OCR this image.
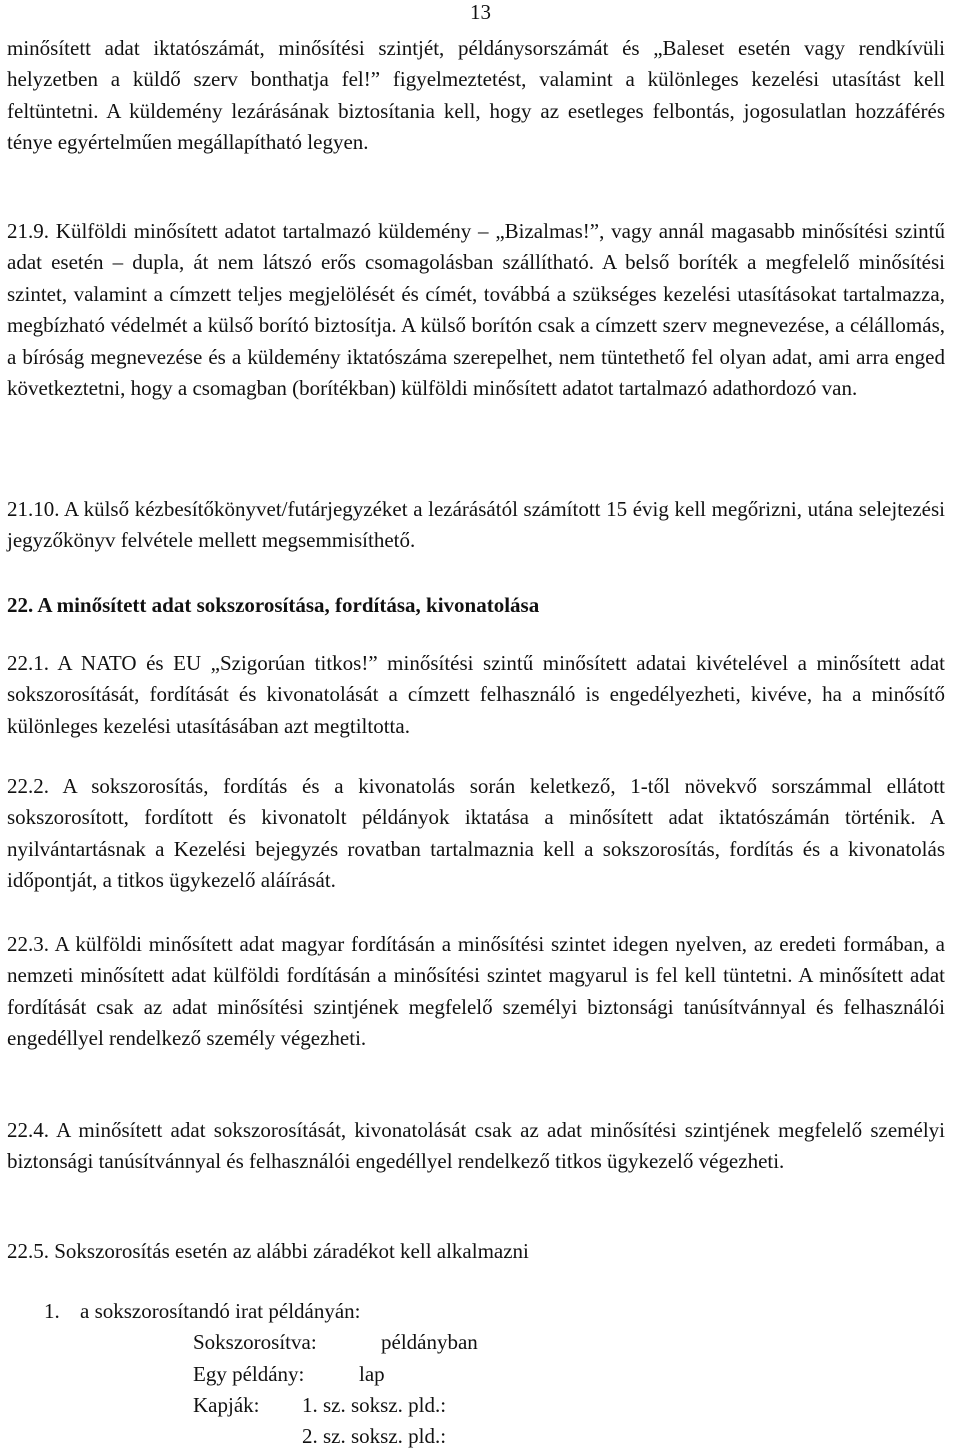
13

minősített adat iktatószámát, minősítési szintjét, példánysorszámát és „Baleset esetén vagy rendkívüli helyzetben a küldő szerv bonthatja fel!” figyelmeztetést, valamint a különleges kezelési utasítást kell feltüntetni. A küldemény lezárásának biztosítania kell, hogy az esetleges felbontás, jogosulatlan hozzáférés ténye egyértelműen megállapítható legyen.

21.9. Külföldi minősített adatot tartalmazó küldemény – „Bizalmas!”, vagy annál magasabb minősítési szintű adat esetén – dupla, át nem látszó erős csomagolásban szállítható. A belső boríték a megfelelő minősítési szintet, valamint a címzett teljes megjelölését és címét, továbbá a szükséges kezelési utasításokat tartalmazza, megbízható védelmét a külső borító biztosítja. A külső borítón csak a címzett szerv megnevezése, a célállomás, a bíróság megnevezése és a küldemény iktatószáma szerepelhet, nem tüntethető fel olyan adat, ami arra enged következtetni, hogy a csomagban (borítékban) külföldi minősített adatot tartalmazó adathordozó van.

21.10. A külső kézbesítőkönyvet/futárjegyzéket a lezárásától számított 15 évig kell megőrizni, utána selejtezési jegyzőkönyv felvétele mellett megsemmisíthető.

22. A minősített adat sokszorosítása, fordítása, kivonatolása

22.1. A NATO és EU „Szigorúan titkos!” minősítési szintű minősített adatai kivételével a minősített adat sokszorosítását, fordítását és kivonatolását a címzett felhasználó is engedélyezheti, kivéve, ha a minősítő különleges kezelési utasításában azt megtiltotta.

22.2. A sokszorosítás, fordítás és a kivonatolás során keletkező, 1-től növekvő sorszámmal ellátott sokszorosított, fordított és kivonatolt példányok iktatása a minősített adat iktatószámán történik. A nyilvántartásnak a Kezelési bejegyzés rovatban tartalmaznia kell a sokszorosítás, fordítás és a kivonatolás időpontját, a titkos ügykezelő aláírását.

22.3. A külföldi minősített adat magyar fordításán a minősítési szintet idegen nyelven, az eredeti formában, a nemzeti minősített adat külföldi fordításán a minősítési szintet magyarul is fel kell tüntetni. A minősített adat fordítását csak az adat minősítési szintjének megfelelő személyi biztonsági tanúsítvánnyal és felhasználói engedéllyel rendelkező személy végezheti.

22.4. A minősített adat sokszorosítását, kivonatolását csak az adat minősítési szintjének megfelelő személyi biztonsági tanúsítvánnyal és felhasználói engedéllyel rendelkező titkos ügykezelő végezheti.

22.5. Sokszorosítás esetén az alábbi záradékot kell alkalmazni

1. a sokszorosítandó irat példányán:
Sokszorosítva:	példányban
Egy példány:	lap
Kapják: 1. sz. soksz. pld.:
2. sz. soksz. pld.:
